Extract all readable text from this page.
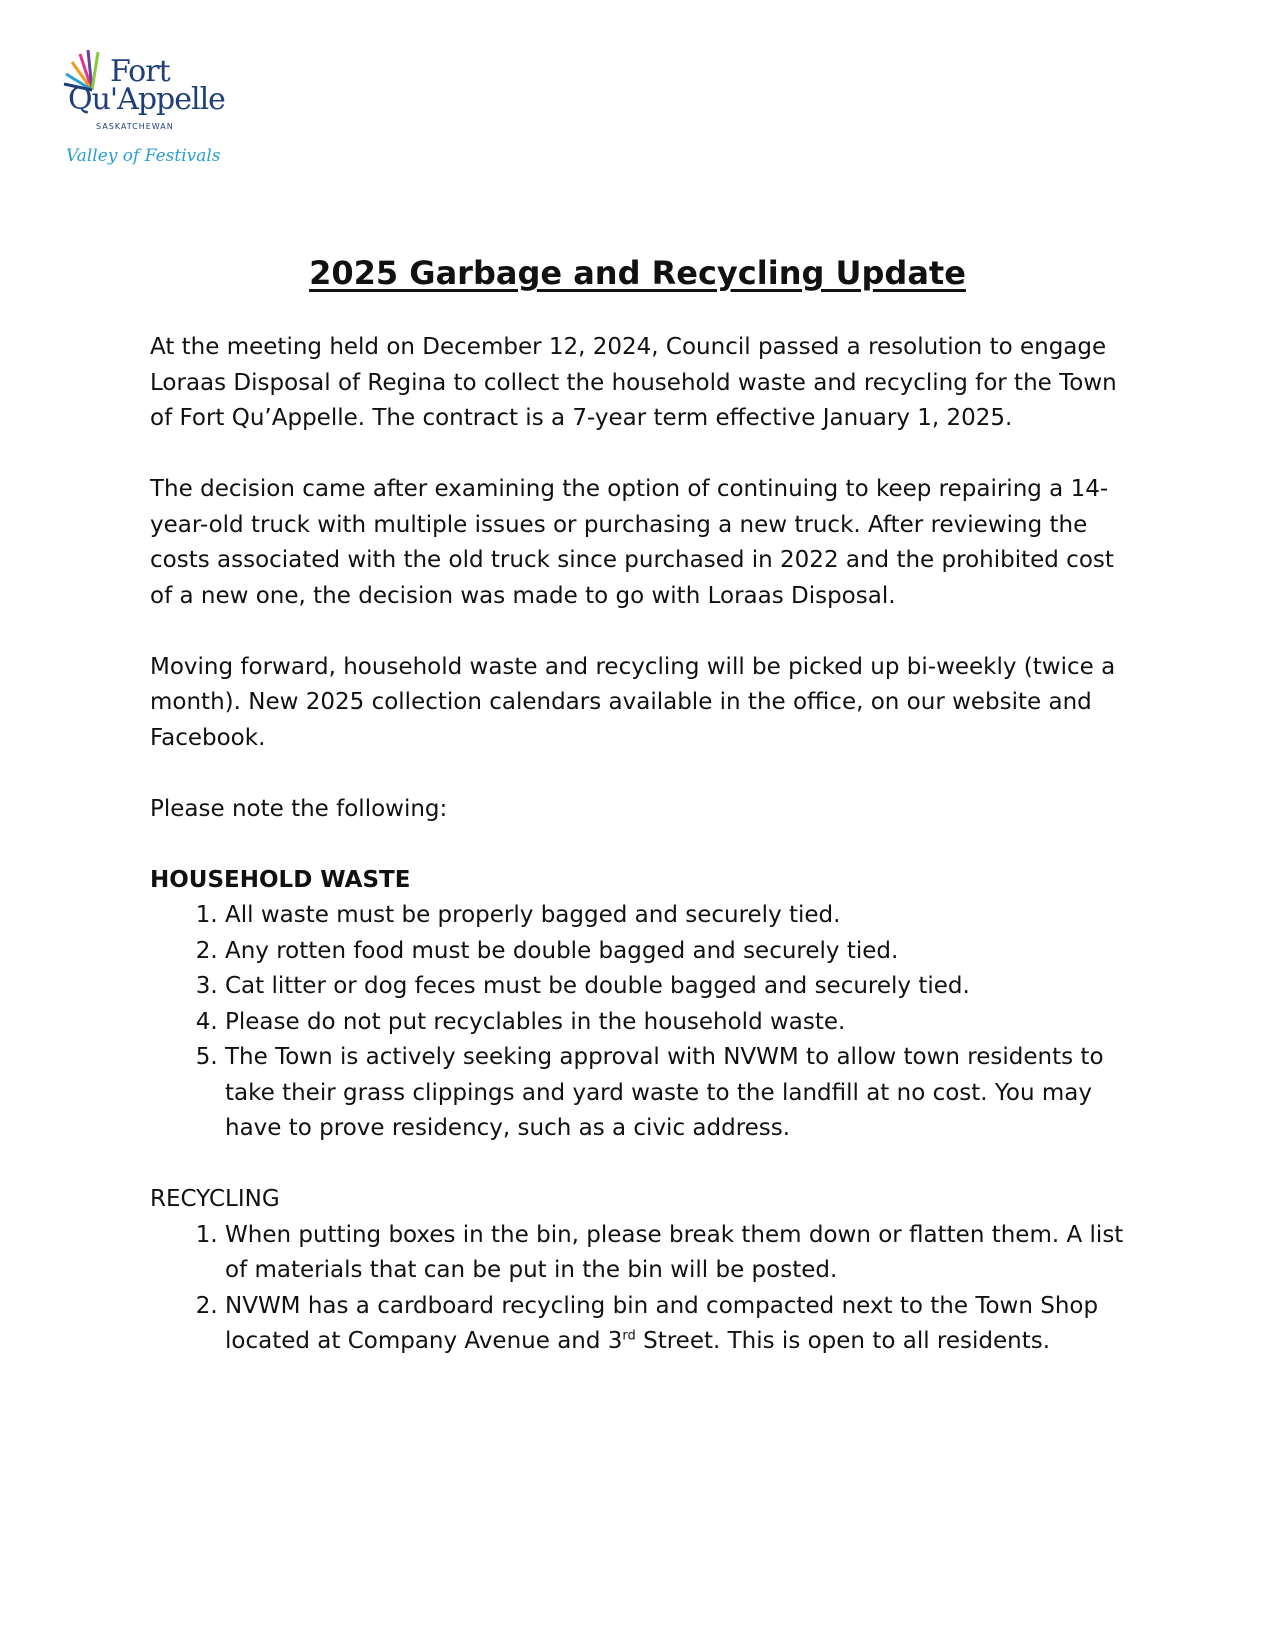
Fort
Qu'Appelle
SASKATCHEWAN
Valley of Festivals
2025 Garbage and Recycling Update

At the meeting held on December 12, 2024, Council passed a resolution to engage Loraas Disposal of Regina to collect the household waste and recycling for the Town of Fort Qu’Appelle. The contract is a 7-year term effective January 1, 2025.

The decision came after examining the option of continuing to keep repairing a 14-year-old truck with multiple issues or purchasing a new truck. After reviewing the costs associated with the old truck since purchased in 2022 and the prohibited cost of a new one, the decision was made to go with Loraas Disposal.

Moving forward, household waste and recycling will be picked up bi-weekly (twice a month). New 2025 collection calendars available in the office, on our website and Facebook.

Please note the following:

HOUSEHOLD WASTE
1. All waste must be properly bagged and securely tied.
2. Any rotten food must be double bagged and securely tied.
3. Cat litter or dog feces must be double bagged and securely tied.
4. Please do not put recyclables in the household waste.
5. The Town is actively seeking approval with NVWM to allow town residents to take their grass clippings and yard waste to the landfill at no cost. You may have to prove residency, such as a civic address.
RECYCLING
1. When putting boxes in the bin, please break them down or flatten them. A list of materials that can be put in the bin will be posted.
2. NVWM has a cardboard recycling bin and compacted next to the Town Shop located at Company Avenue and 3rd Street. This is open to all residents.
